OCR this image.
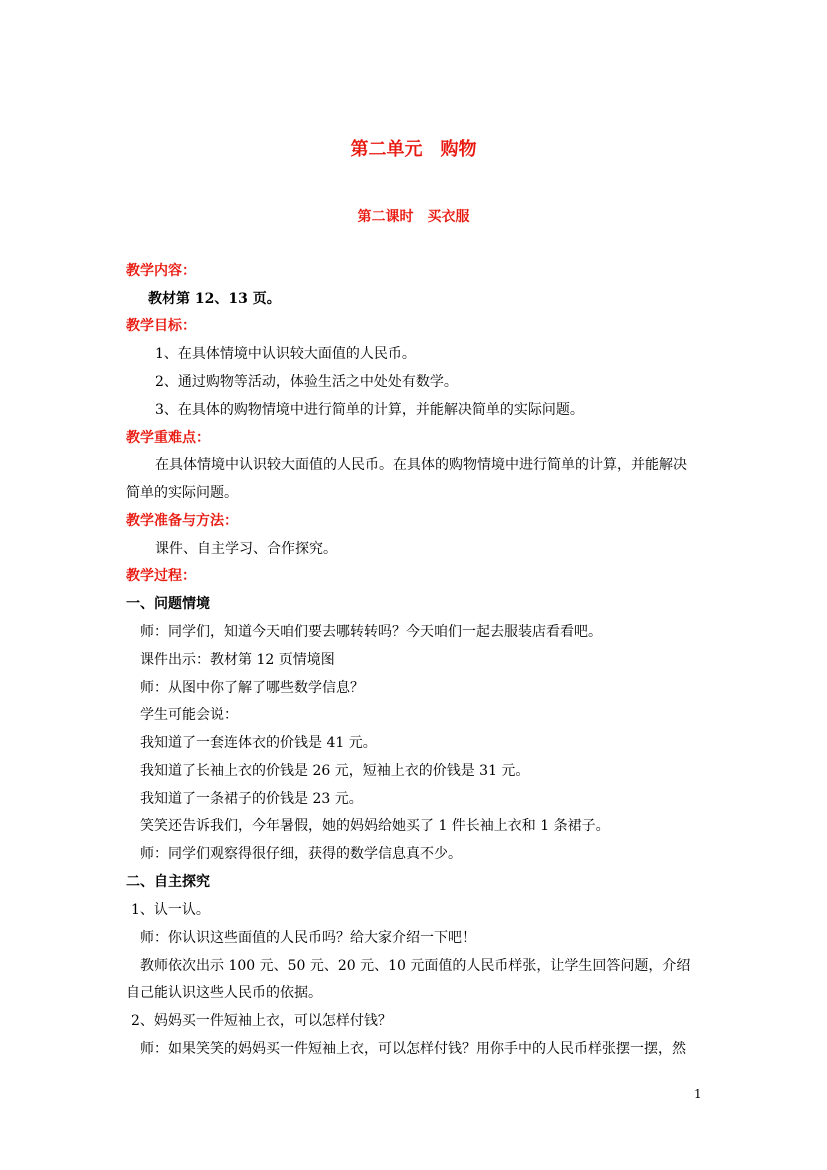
第二单元　购物
第二课时　买衣服
教学内容：
教材第 12、13 页。
教学目标：
1、在具体情境中认识较大面值的人民币。
2、通过购物等活动，体验生活之中处处有数学。
3、在具体的购物情境中进行简单的计算，并能解决简单的实际问题。
教学重难点：
在具体情境中认识较大面值的人民币。在具体的购物情境中进行简单的计算，并能解决
简单的实际问题。
教学准备与方法：
课件、自主学习、合作探究。
教学过程：
一、问题情境
师：同学们，知道今天咱们要去哪转转吗？今天咱们一起去服装店看看吧。
课件出示：教材第 12 页情境图
师：从图中你了解了哪些数学信息？
学生可能会说：
我知道了一套连体衣的价钱是 41 元。
我知道了长袖上衣的价钱是 26 元，短袖上衣的价钱是 31 元。
我知道了一条裙子的价钱是 23 元。
笑笑还告诉我们，今年暑假，她的妈妈给她买了 1 件长袖上衣和 1 条裙子。
师：同学们观察得很仔细，获得的数学信息真不少。
二、自主探究
1、认一认。
师：你认识这些面值的人民币吗？给大家介绍一下吧！
教师依次出示 100 元、50 元、20 元、10 元面值的人民币样张，让学生回答问题，介绍
自己能认识这些人民币的依据。
2、妈妈买一件短袖上衣，可以怎样付钱？
师：如果笑笑的妈妈买一件短袖上衣，可以怎样付钱？用你手中的人民币样张摆一摆，然
1
